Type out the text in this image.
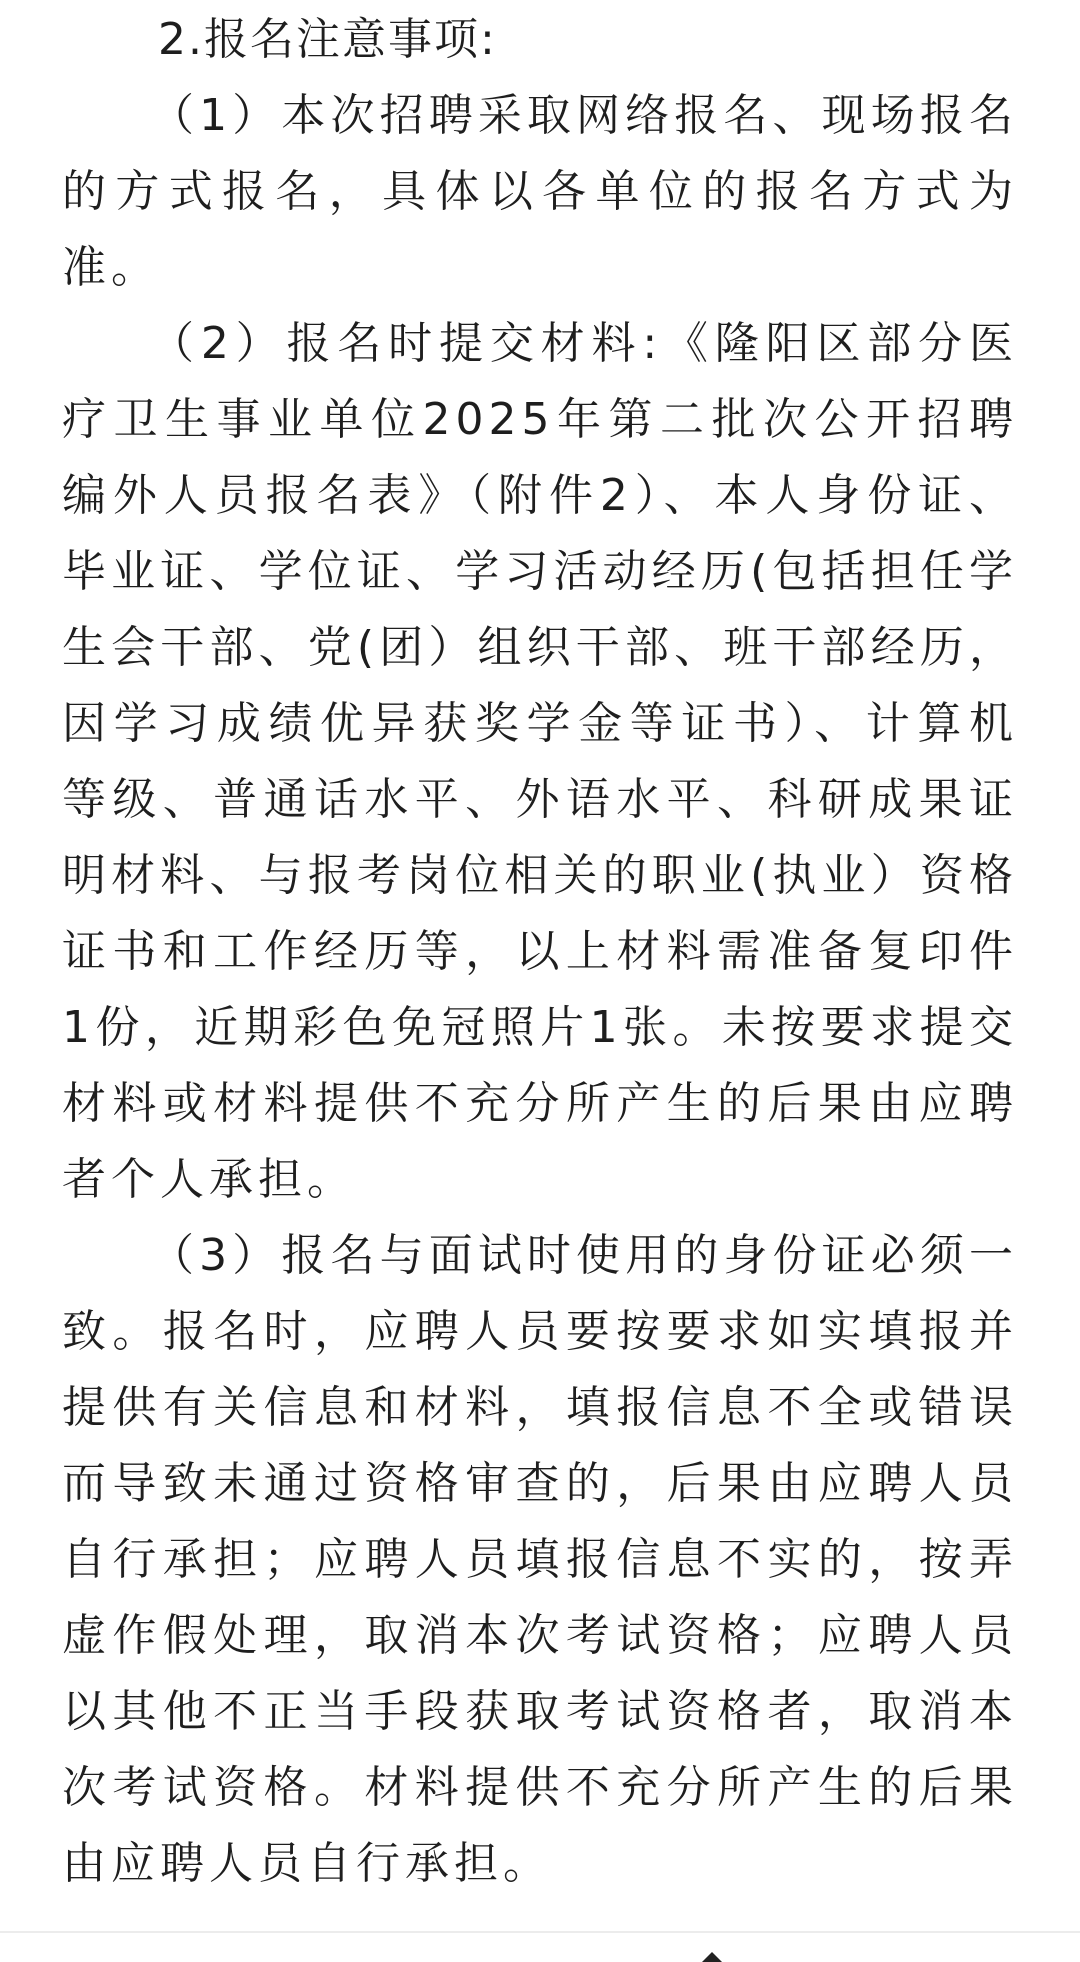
2.报名注意事项:

（1）本次招聘采取网络报名、现场报名的方式报名，具体以各单位的报名方式为准。

（2）报名时提交材料:《隆阳区部分医疗卫生事业单位2025年第二批次公开招聘编外人员报名表》（附件2）、本人身份证、毕业证、学位证、学习活动经历(包括担任学生会干部、党(团）组织干部、班干部经历，因学习成绩优异获奖学金等证书）、计算机等级、普通话水平、外语水平、科研成果证明材料、与报考岗位相关的职业(执业）资格证书和工作经历等，以上材料需准备复印件1份，近期彩色免冠照片1张。未按要求提交材料或材料提供不充分所产生的后果由应聘者个人承担。

（3）报名与面试时使用的身份证必须一致。报名时，应聘人员要按要求如实填报并提供有关信息和材料，填报信息不全或错误而导致未通过资格审查的，后果由应聘人员自行承担；应聘人员填报信息不实的，按弄虚作假处理，取消本次考试资格；应聘人员以其他不正当手段获取考试资格者，取消本次考试资格。材料提供不充分所产生的后果由应聘人员自行承担。
